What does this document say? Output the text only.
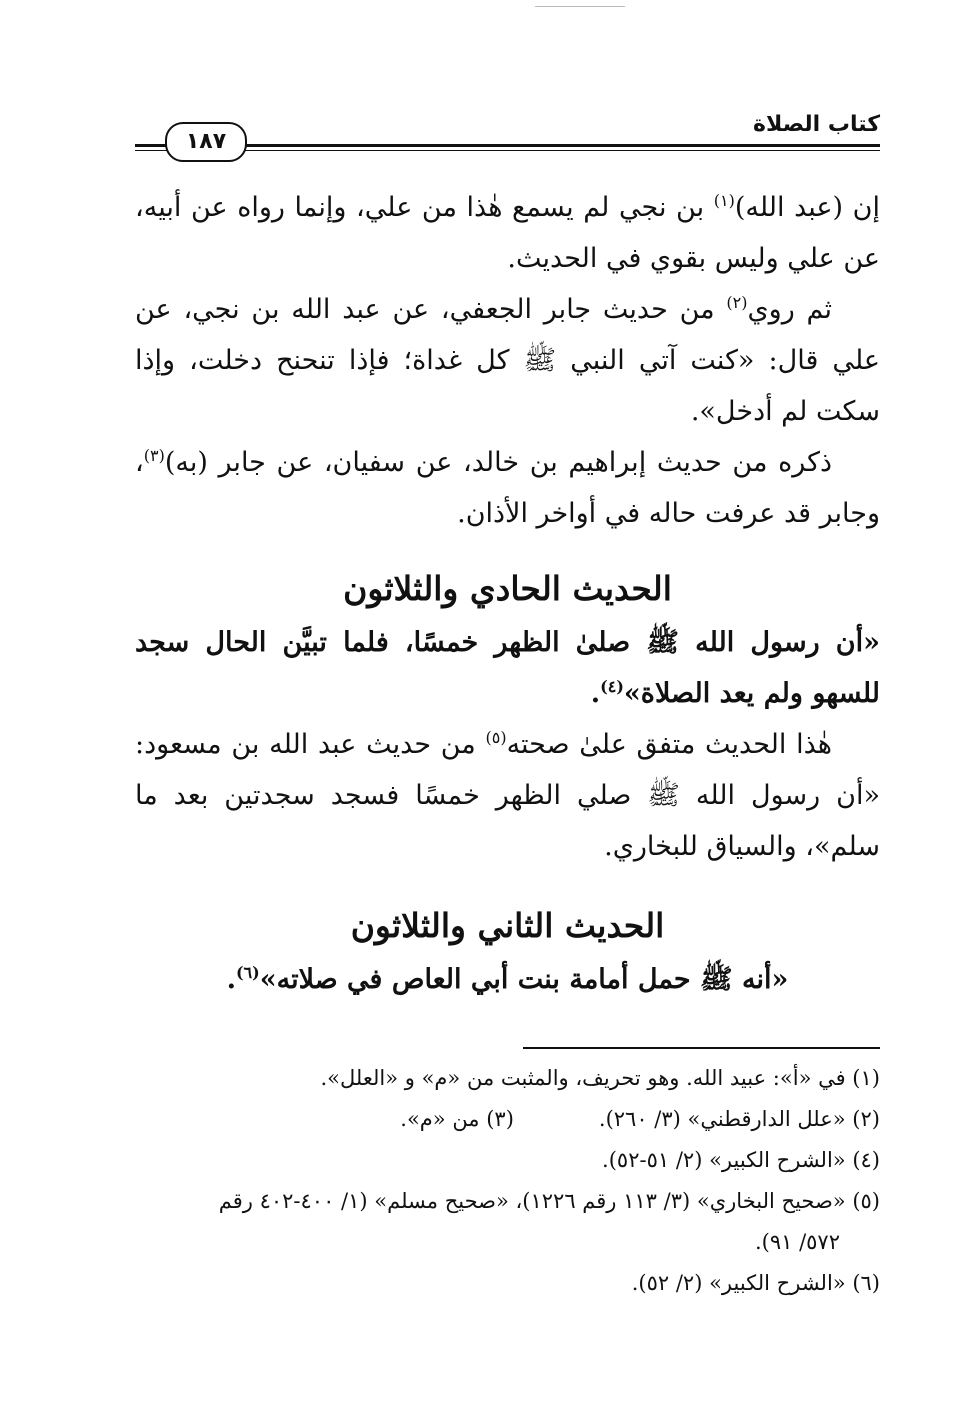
كتاب الصلاة
١٨٧

إن (عبد الله)$^{(١)}$ بن نجي لم يسمع هٰذا من علي، وإنما رواه عن أبيه، عن علي وليس بقوي في الحديث.

ثم روي$^{(٢)}$ من حديث جابر الجعفي، عن عبد الله بن نجي، عن علي قال: «كنت آتي النبي ﷺ كل غداة؛ فإذا تنحنح دخلت، وإذا سكت لم أدخل».

ذكره من حديث إبراهيم بن خالد، عن سفيان، عن جابر (به)$^{(٣)}$، وجابر قد عرفت حاله في أواخر الأذان.

الحديث الحادي والثلاثون

«أن رسول الله ﷺ صلىٰ الظهر خمسًا، فلما تبيَّن الحال سجد للسهو ولم يعد الصلاة»$^{(٤)}$.

هٰذا الحديث متفق علىٰ صحته$^{(٥)}$ من حديث عبد الله بن مسعود: «أن رسول الله ﷺ صلي الظهر خمسًا فسجد سجدتين بعد ما سلم»، والسياق للبخاري.

الحديث الثاني والثلاثون

«أنه ﷺ حمل أمامة بنت أبي العاص في صلاته»$^{(٦)}$.

(١) في «أ»: عبيد الله. وهو تحريف، والمثبت من «م» و «العلل».
(٢) «علل الدارقطني» (٣/ ٢٦٠).
(٣) من «م».
(٤) «الشرح الكبير» (٢/ ٥١-٥٢).
(٥) «صحيح البخاري» (٣/ ١١٣ رقم ١٢٢٦)، «صحيح مسلم» (١/ ٤٠٠-٤٠٢ رقم
٥٧٢/ ٩١).
(٦) «الشرح الكبير» (٢/ ٥٢).
